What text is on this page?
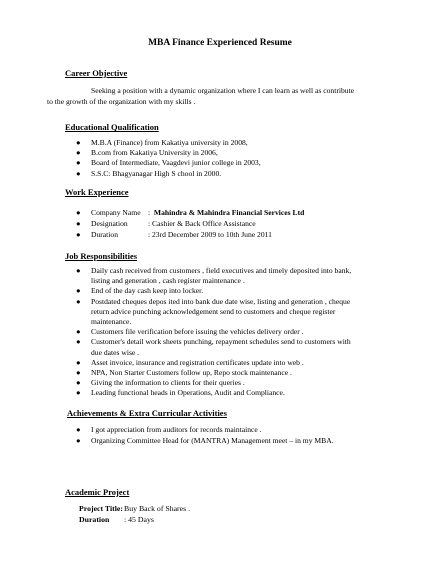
MBA Finance Experienced Resume
Career Objective
Seeking a position with a dynamic organization where I can learn as well as contribute
to the growth of the organization with my skills .
Educational Qualification
● M.B.A (Finance) from Kakatiya university in 2008,
● B.com from Kakatiya University in 2006,
● Board of Intermediate, Vaagdevi junior college in 2003,
● S.S.C: Bhagyanagar High S chool in 2000.
Work Experience
● Company Name :  Mahindra & Mahindra Financial Services Ltd
● Designation	: Cashier & Back Office Assistance
● Duration	: 23rd December 2009 to 10th June 2011
Job Responsibilities
● Daily cash received from customers , field executives and timely deposited into bank,
listing and generation , cash register maintenance .
● End of the day cash keep into locker.
● Postdated cheques depos ited into bank due date wise, listing and generation , cheque
return advice punching acknowledgement send to customers and cheque register
maintenance.
● Customers file verification before issuing the vehicles delivery order .
● Customer's detail work sheets punching, repayment schedules send to customers with
due dates wise .
● Asset invoice, insurance and registration certificates update into web .
● NPA, Non Starter Customers follow up, Repo stock maintenance .
● Giving the information to clients for their queries .
● Leading functional heads in Operations, Audit and Compliance.
Achievements & Extra Curricular Activities
● I got appreciation from auditors for records maintaince .
● Organizing Committee Head for (MANTRA) Management meet – in my MBA.
Academic Project
Project Title:Buy Back of Shares .
Duration : 45 Days
